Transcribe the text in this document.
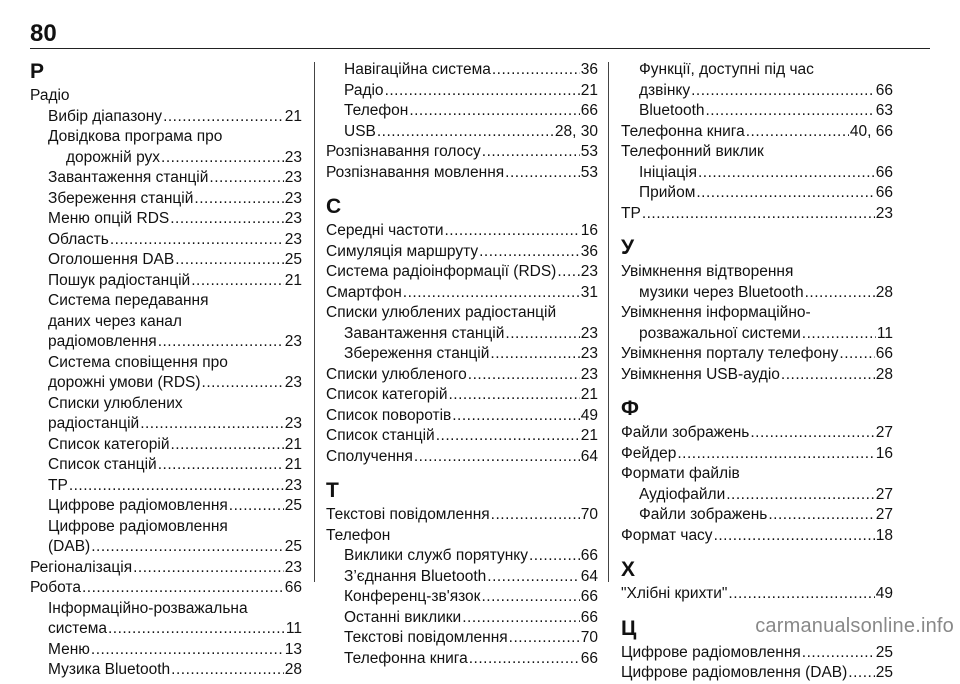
80
Р
Радіо
Вибір діапазону .....	21
Довідкова програма про
дорожній рух .....	23
Завантаження станцій .....	23
Збереження станцій .....	23
Меню опцій RDS .....	23
Область .....	23
Оголошення DAB .....	25
Пошук радіостанцій .....	21
Система передавання
даних через канал
радіомовлення .....	23
Система сповіщення про
дорожні умови (RDS) .....	23
Списки улюблених
радіостанцій .....	23
Список категорій .....	21
Список станцій .....	21
TP .....	23
Цифрове радіомовлення .....	25
Цифрове радіомовлення
(DAB) .....	25
Регіоналізація .....	23
Робота .....	66
Інформаційно-розважальна
система .....	11
Меню .....	13
Музика Bluetooth .....	28
Навігаційна система .....	36
Радіо .....	21
Телефон .....	66
USB .....	28, 30
Розпізнавання голосу .....	53
Розпізнавання мовлення .....	53
С
Середні частоти .....	16
Симуляція маршруту .....	36
Система радіоінформації (RDS) ..... 23
Смартфон .....	31
Списки улюблених радіостанцій
Завантаження станцій .....	23
Збереження станцій .....	23
Списки улюбленого .....	23
Список категорій .....	21
Список поворотів .....	49
Список станцій .....	21
Сполучення .....	64
Т
Текстові повідомлення .....	70
Телефон
Виклики служб порятунку .....	66
З’єднання Bluetooth .....	64
Конференц-зв'язок .....	66
Останні виклики .....	66
Текстові повідомлення .....	70
Телефонна книга .....	66
Функції, доступні під час
дзвінку .....	66
Bluetooth .....	63
Телефонна книга .....	40, 66
Телефонний виклик
Ініціація .....	66
Прийом .....	66
TP .....	23
У
Увімкнення відтворення
музики через Bluetooth .....	28
Увімкнення інформаційно-
розважальної системи .....	11
Увімкнення порталу телефону ..... 66
Увімкнення USB-аудіо .....	28
Ф
Файли зображень .....	27
Фейдер .....	16
Формати файлів
Аудіофайли .....	27
Файли зображень .....	27
Формат часу .....	18
Х
"Хлібні крихти" .....	49
Ц
Цифрове радіомовлення .....	25
Цифрове радіомовлення (DAB) ..... 25
carmanualsonline.info
